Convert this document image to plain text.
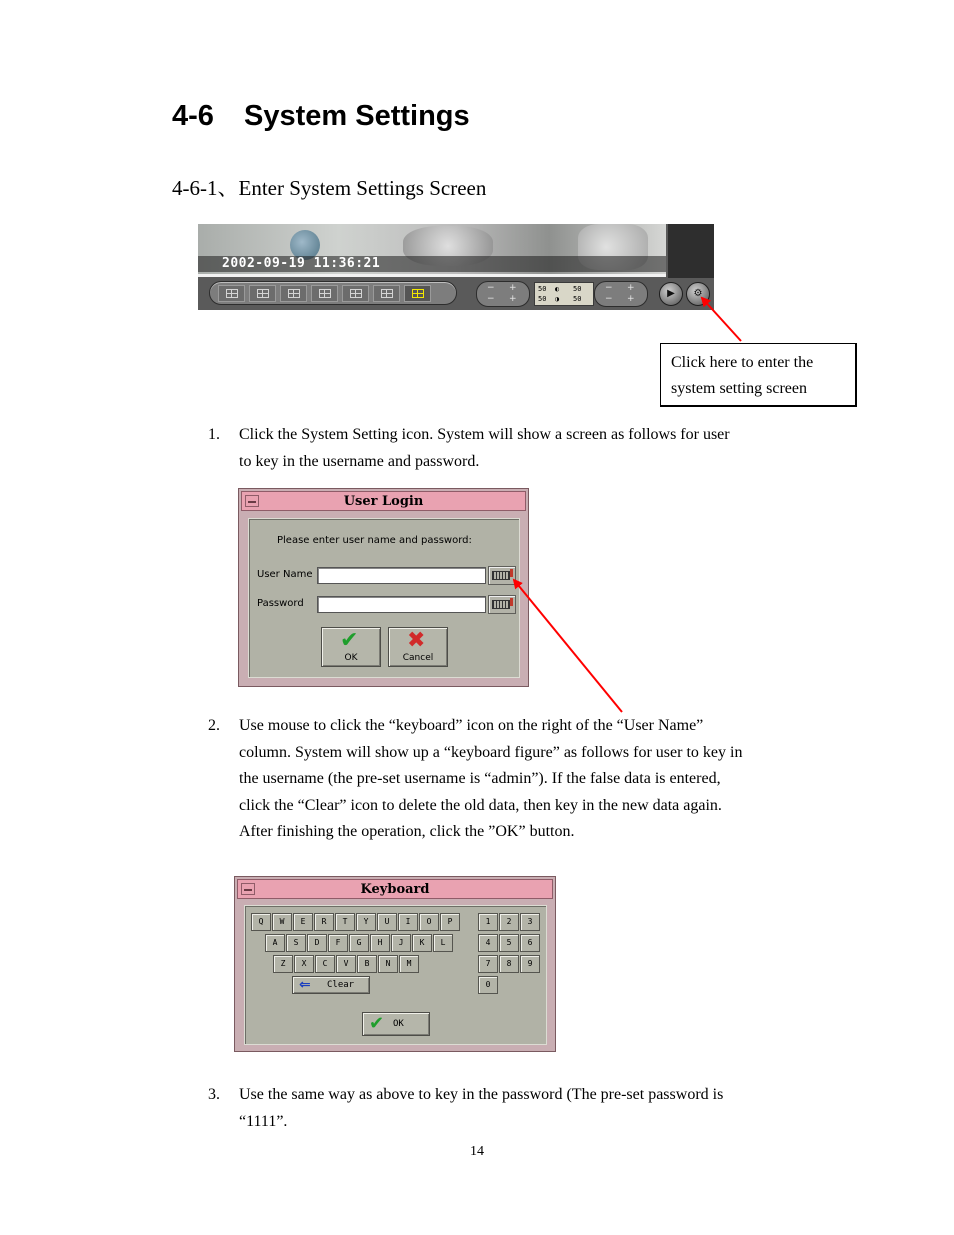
4-6 System Settings
4-6-1、Enter System Settings Screen
2002-09-19 11:36:21
− +
− +
50	50
50	50
◐
◑
− +
− +	▶	⚙
Click here to enter the
system setting screen
1. Click the System Setting icon. System will show a screen as follows for user
to key in the username and password.
User Login
Please enter user name and password:
User Name
Password
✔
OK
✖
Cancel
2. Use mouse to click the “keyboard” icon on the right of the “User Name”
column. System will show up a “keyboard figure” as follows for user to key in
the username (the pre-set username is “admin”). If the false data is entered,
click the “Clear” icon to delete the old data, then key in the new data again.
After finishing the operation, click the ”OK” button.
Keyboard
Q	W	E	R	T	Y	U	I	O	P
A	S	D	F	G	H	J	K	L
Z	X	C	V	B	N	M
1	2	3
4	5	6
7	8	9
0
⇐ Clear
✔ OK
3. Use the same way as above to key in the password (The pre-set password is
“1111”.
14
